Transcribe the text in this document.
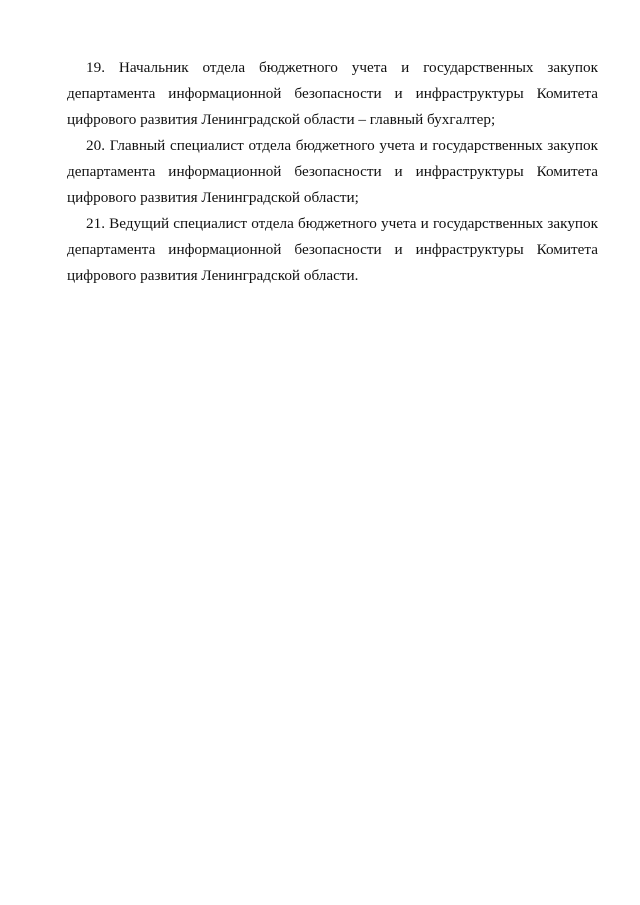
19. Начальник отдела бюджетного учета и государственных закупок департамента информационной безопасности и инфраструктуры Комитета цифрового развития Ленинградской области – главный бухгалтер;

20. Главный специалист отдела бюджетного учета и государственных закупок департамента информационной безопасности и инфраструктуры Комитета цифрового развития Ленинградской области;

21. Ведущий специалист отдела бюджетного учета и государственных закупок департамента информационной безопасности и инфраструктуры Комитета цифрового развития Ленинградской области.
